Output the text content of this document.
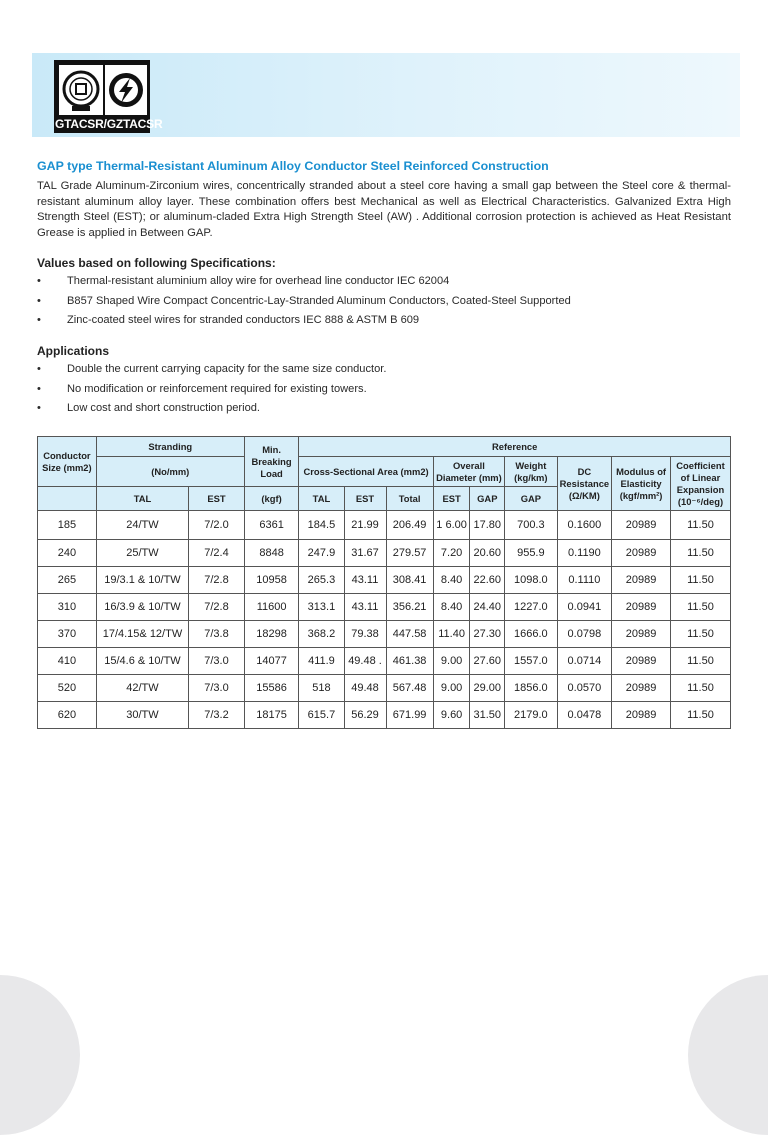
GTACSR/GZTACSR
GAP type Thermal-Resistant Aluminum Alloy Conductor Steel Reinforced Construction
TAL Grade Aluminum-Zirconium wires, concentrically stranded about a steel core having a small gap between the Steel core & thermal-resistant aluminum alloy layer. These combination offers best Mechanical as well as Electrical Characteristics. Galvanized Extra High Strength Steel (EST); or aluminum-claded Extra High Strength Steel (AW) . Additional corrosion protection is achieved as Heat Resistant Grease is applied in Between GAP.
Values based on following Specifications:
• Thermal-resistant aluminium alloy wire for overhead line conductor IEC 62004
• B857 Shaped Wire Compact Concentric-Lay-Stranded Aluminum Conductors, Coated-Steel Supported
• Zinc-coated steel wires for stranded conductors IEC 888 & ASTM B 609
Applications
• Double the current carrying capacity for the same size conductor.
• No modification or reinforcement required for existing towers.
• Low cost and short construction period.
Conductor Size (mm2)	Stranding		Min. Breaking Load	Reference								
	(No/mm)			Cross-Sectional Area (mm2)			Overall Diameter (mm)		Weight (kg/km)	DC Resistance (Ω/KM)	Modulus of Elasticity (kgf/mm²)	Coefficient of Linear Expansion (10⁻⁶/deg)
	TAL	EST	(kgf)	TAL	EST	Total	EST	GAP	GAP			
185	24/TW	7/2.0	6361	184.5	21.99	206.49	1 6.00	17.80	700.3	0.1600	20989	11.50
240	25/TW	7/2.4	8848	247.9	31.67	279.57	7.20	20.60	955.9	0.1190	20989	11.50
265	19/3.1 & 10/TW	7/2.8	10958	265.3	43.11	308.41	8.40	22.60	1098.0	0.1110	20989	11.50
310	16/3.9 & 10/TW	7/2.8	11600	313.1	43.11	356.21	8.40	24.40	1227.0	0.0941	20989	11.50
370	17/4.15& 12/TW	7/3.8	18298	368.2	79.38	447.58	11.40	27.30	1666.0	0.0798	20989	11.50
410	15/4.6 & 10/TW	7/3.0	14077	411.9	49.48 .	461.38	9.00	27.60	1557.0	0.0714	20989	11.50
520	42/TW	7/3.0	15586	518	49.48	567.48	9.00	29.00	1856.0	0.0570	20989	11.50
620	30/TW	7/3.2	18175	615.7	56.29	671.99	9.60	31.50	2179.0	0.0478	20989	11.50
